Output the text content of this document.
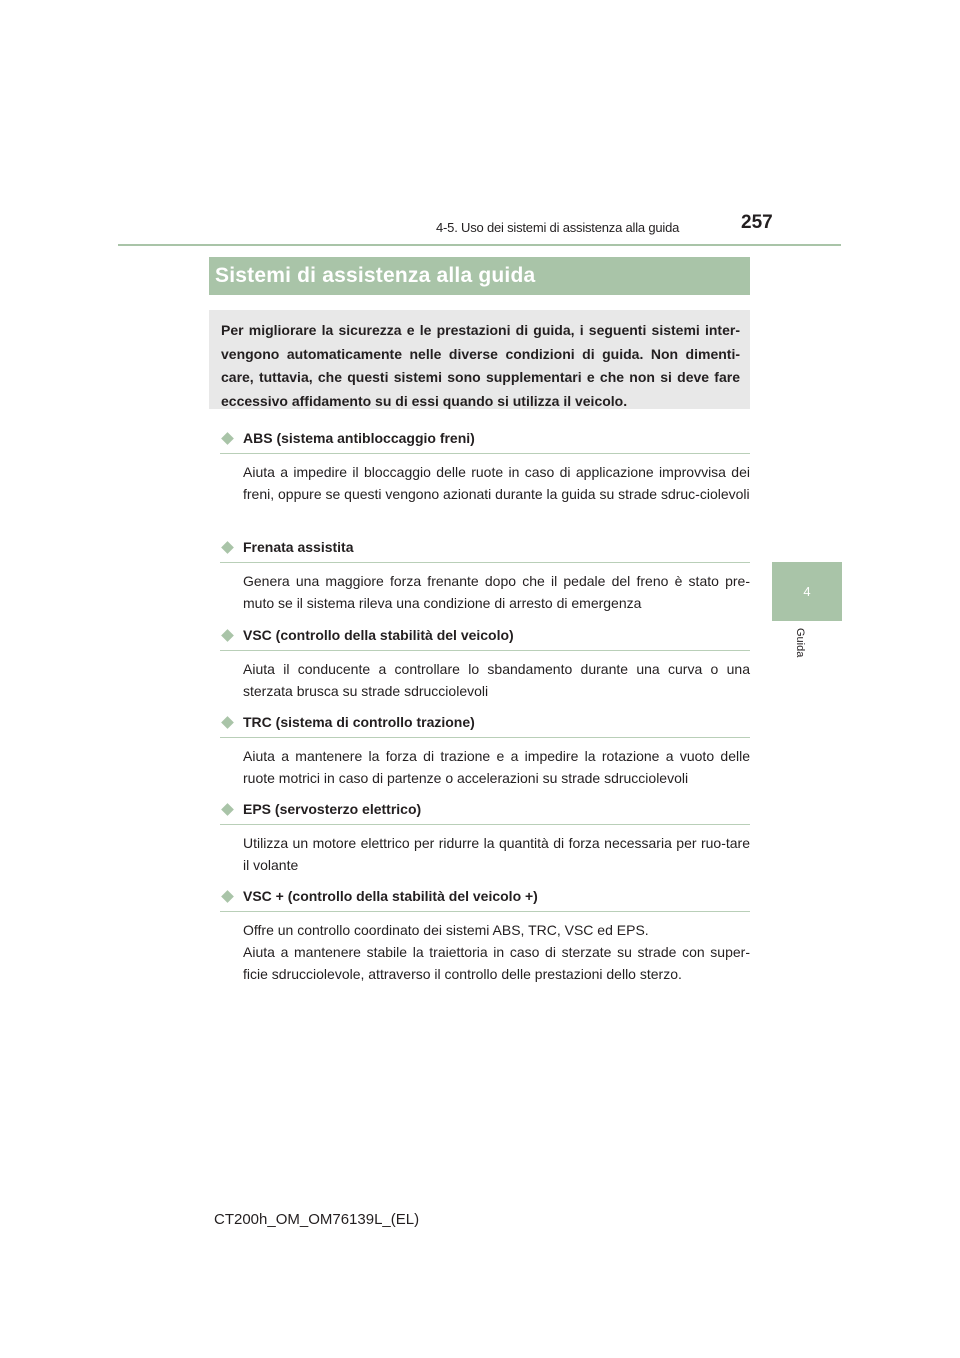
4-5. Uso dei sistemi di assistenza alla guida	257
4
Guida
Sistemi di assistenza alla guida
Per migliorare la sicurezza e le prestazioni di guida, i seguenti sistemi inter-vengono automaticamente nelle diverse condizioni di guida. Non dimenti-care, tuttavia, che questi sistemi sono supplementari e che non si deve fare eccessivo affidamento su di essi quando si utilizza il veicolo.
ABS (sistema antibloccaggio freni)
Aiuta a impedire il bloccaggio delle ruote in caso di applicazione improvvisa dei freni, oppure se questi vengono azionati durante la guida su strade sdruc-ciolevoli
Frenata assistita
Genera una maggiore forza frenante dopo che il pedale del freno è stato pre-muto se il sistema rileva una condizione di arresto di emergenza
VSC (controllo della stabilità del veicolo)
Aiuta il conducente a controllare lo sbandamento durante una curva o una sterzata brusca su strade sdrucciolevoli
TRC (sistema di controllo trazione)
Aiuta a mantenere la forza di trazione e a impedire la rotazione a vuoto delle ruote motrici in caso di partenze o accelerazioni su strade sdrucciolevoli
EPS (servosterzo elettrico)
Utilizza un motore elettrico per ridurre la quantità di forza necessaria per ruo-tare il volante
VSC + (controllo della stabilità del veicolo +)
Offre un controllo coordinato dei sistemi ABS, TRC, VSC ed EPS.
Aiuta a mantenere stabile la traiettoria in caso di sterzate su strade con super-ficie sdrucciolevole, attraverso il controllo delle prestazioni dello sterzo.
CT200h_OM_OM76139L_(EL)
